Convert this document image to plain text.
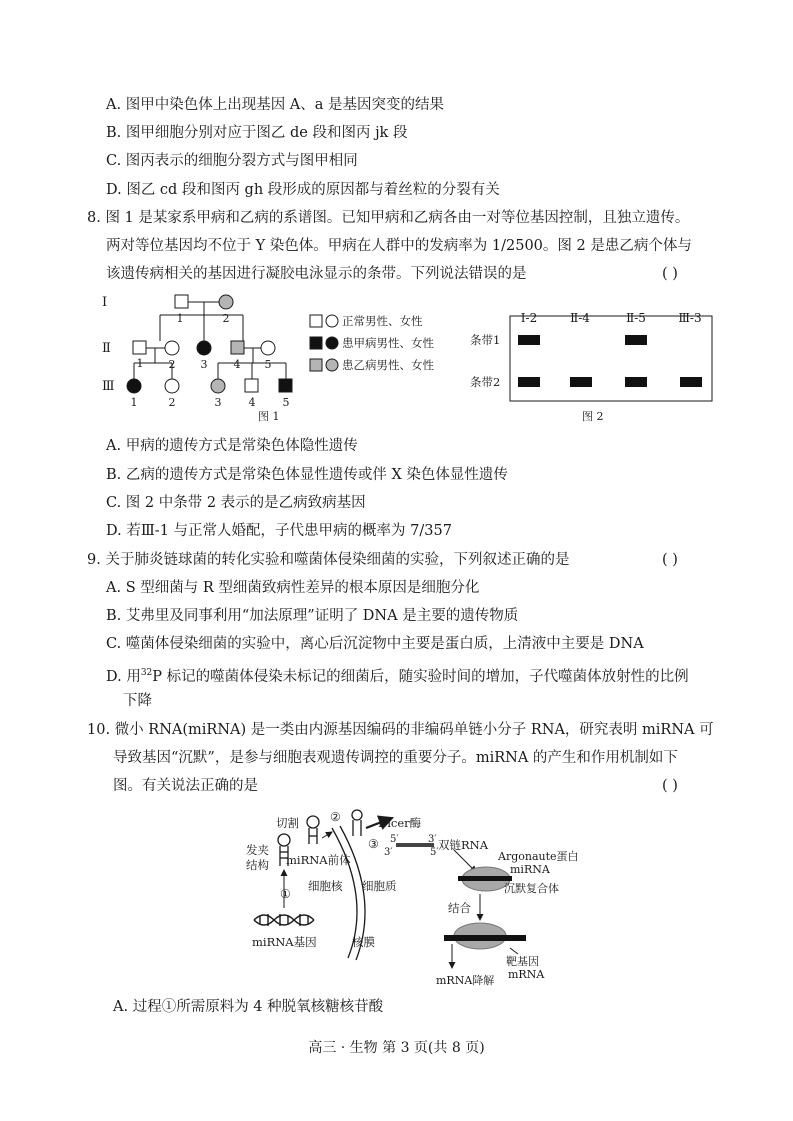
A. 图甲中染色体上出现基因 A、a 是基因突变的结果
B. 图甲细胞分别对应于图乙 de 段和图丙 jk 段
C. 图丙表示的细胞分裂方式与图甲相同
D. 图乙 cd 段和图丙 gh 段形成的原因都与着丝粒的分裂有关
8. 图 1 是某家系甲病和乙病的系谱图。已知甲病和乙病各由一对等位基因控制，且独立遗传。
两对等位基因均不位于 Y 染色体。甲病在人群中的发病率为 1/2500。图 2 是患乙病个体与
该遗传病相关的基因进行凝胶电泳显示的条带。下列说法错误的是	( )
Ⅰ
Ⅱ
Ⅲ
1	2
1 2 3 4 5
1	2	3 4 5
图 1
正常男性、女性
患甲病男性、女性
患乙病男性、女性
Ⅰ-2	Ⅱ-4	Ⅱ-5	Ⅲ-3
条带1
条带2
图 2
A. 甲病的遗传方式是常染色体隐性遗传
B. 乙病的遗传方式是常染色体显性遗传或伴 X 染色体显性遗传
C. 图 2 中条带 2 表示的是乙病致病基因
D. 若Ⅲ-1 与正常人婚配，子代患甲病的概率为 7/357
9. 关于肺炎链球菌的转化实验和噬菌体侵染细菌的实验，下列叙述正确的是	( )
A. S 型细菌与 R 型细菌致病性差异的根本原因是细胞分化
B. 艾弗里及同事利用“加法原理”证明了 DNA 是主要的遗传物质
C. 噬菌体侵染细菌的实验中，离心后沉淀物中主要是蛋白质，上清液中主要是 DNA
D. 用$^{32}$P 标记的噬菌体侵染未标记的细菌后，随实验时间的增加，子代噬菌体放射性的比例
下降
10. 微小 RNA(miRNA) 是一类由内源基因编码的非编码单链小分子 RNA，研究表明 miRNA 可
导致基因“沉默”，是参与细胞表观遗传调控的重要分子。miRNA 的产生和作用机制如下
图。有关说法正确的是	( )
切割
发夹
结构 miRNA前体
①
②
③
Dicer酶
5′
3′
3′
5′
双链RNA
Argonaute蛋白
miRNA
沉默复合体
细胞核 细胞质
结合
miRNA基因	核膜
靶基因
mRNA
mRNA降解
A. 过程①所需原料为 4 种脱氧核糖核苷酸
高三 · 生物 第 3 页(共 8 页)
